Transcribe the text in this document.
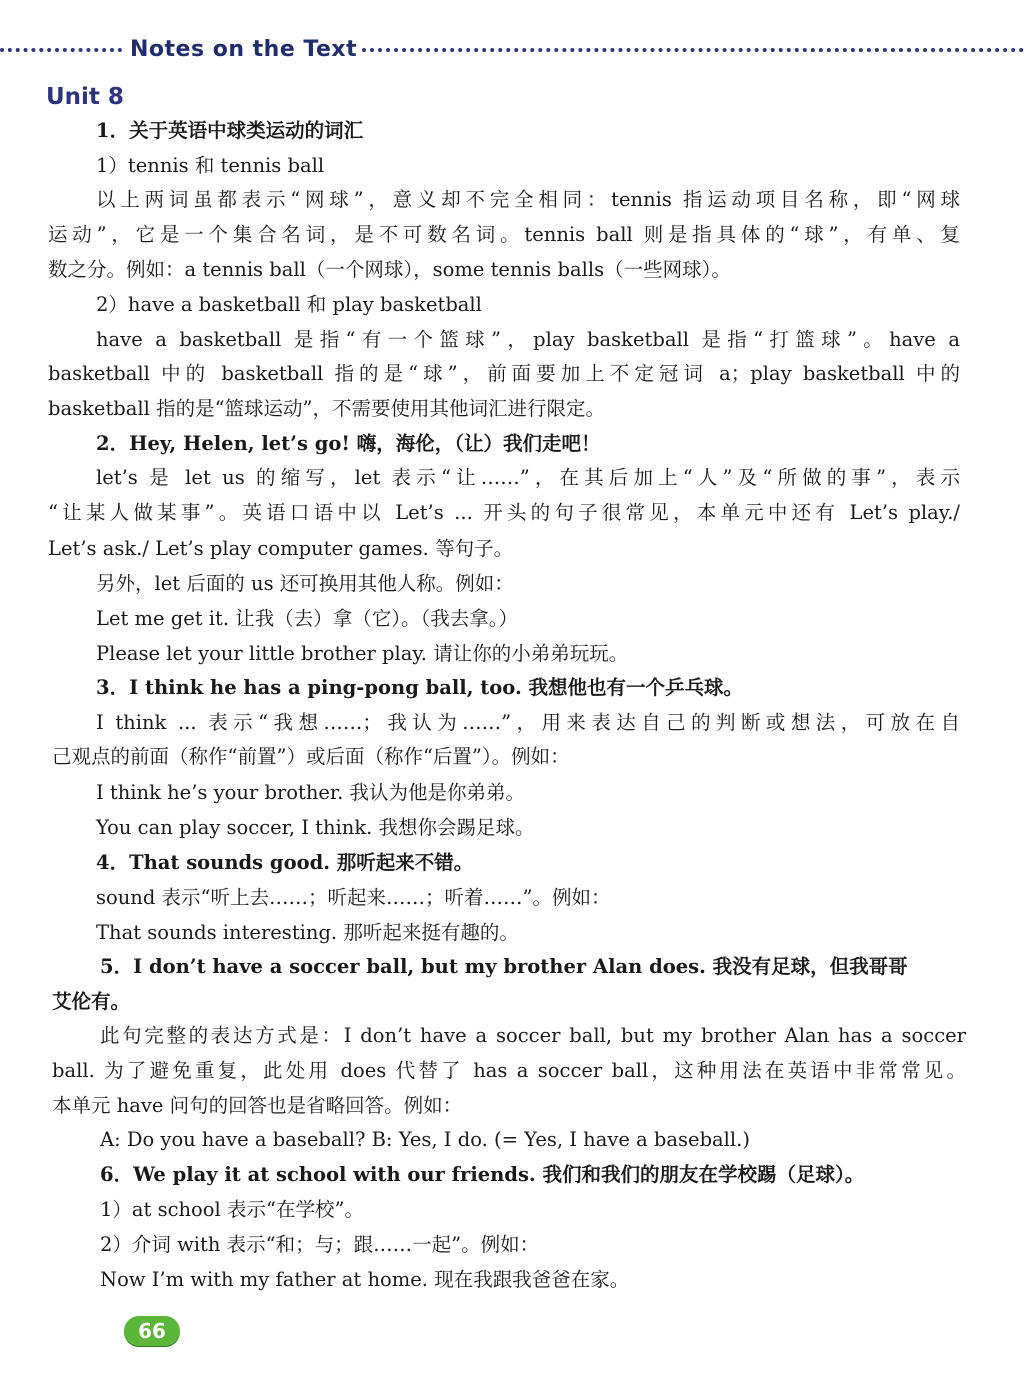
Notes on the Text
Unit 8
1．关于英语中球类运动的词汇
1）tennis 和 tennis ball
以上两词虽都表示“网球”，意义却不完全相同：tennis 指运动项目名称，即“网球
运动”，它是一个集合名词，是不可数名词。tennis ball 则是指具体的“球”，有单、复
数之分。例如：a tennis ball（一个网球），some tennis balls（一些网球）。
2）have a basketball 和 play basketball
have a basketball 是指“有一个篮球”，play basketball 是指“打篮球”。have a
basketball 中的 basketball 指的是“球”，前面要加上不定冠词 a；play basketball 中的
basketball 指的是“篮球运动”，不需要使用其他词汇进行限定。
2．Hey, Helen, let’s go! 嗨，海伦，（让）我们走吧！
let’s 是 let us 的缩写，let 表示“让……”，在其后加上“人”及“所做的事”，表示
“让某人做某事”。英语口语中以 Let’s ... 开头的句子很常见，本单元中还有 Let’s play./
Let’s ask./ Let’s play computer games. 等句子。
另外，let 后面的 us 还可换用其他人称。例如：
Let me get it. 让我（去）拿（它）。（我去拿。）
Please let your little brother play. 请让你的小弟弟玩玩。
3．I think he has a ping-pong ball, too. 我想他也有一个乒乓球。
I think ... 表示“我想……；我认为……”，用来表达自己的判断或想法，可放在自
己观点的前面（称作“前置”）或后面（称作“后置”）。例如：
I think he’s your brother. 我认为他是你弟弟。
You can play soccer, I think. 我想你会踢足球。
4．That sounds good. 那听起来不错。
sound 表示“听上去……；听起来……；听着……”。例如：
That sounds interesting. 那听起来挺有趣的。
5．I don’t have a soccer ball, but my brother Alan does. 我没有足球，但我哥哥
艾伦有。
此句完整的表达方式是：I don’t have a soccer ball, but my brother Alan has a soccer
ball. 为了避免重复，此处用 does 代替了 has a soccer ball，这种用法在英语中非常常见。
本单元 have 问句的回答也是省略回答。例如：
A: Do you have a baseball? B: Yes, I do. (= Yes, I have a baseball.)
6．We play it at school with our friends. 我们和我们的朋友在学校踢（足球）。
1）at school 表示“在学校”。
2）介词 with 表示“和；与；跟……一起”。例如：
Now I’m with my father at home. 现在我跟我爸爸在家。
66
